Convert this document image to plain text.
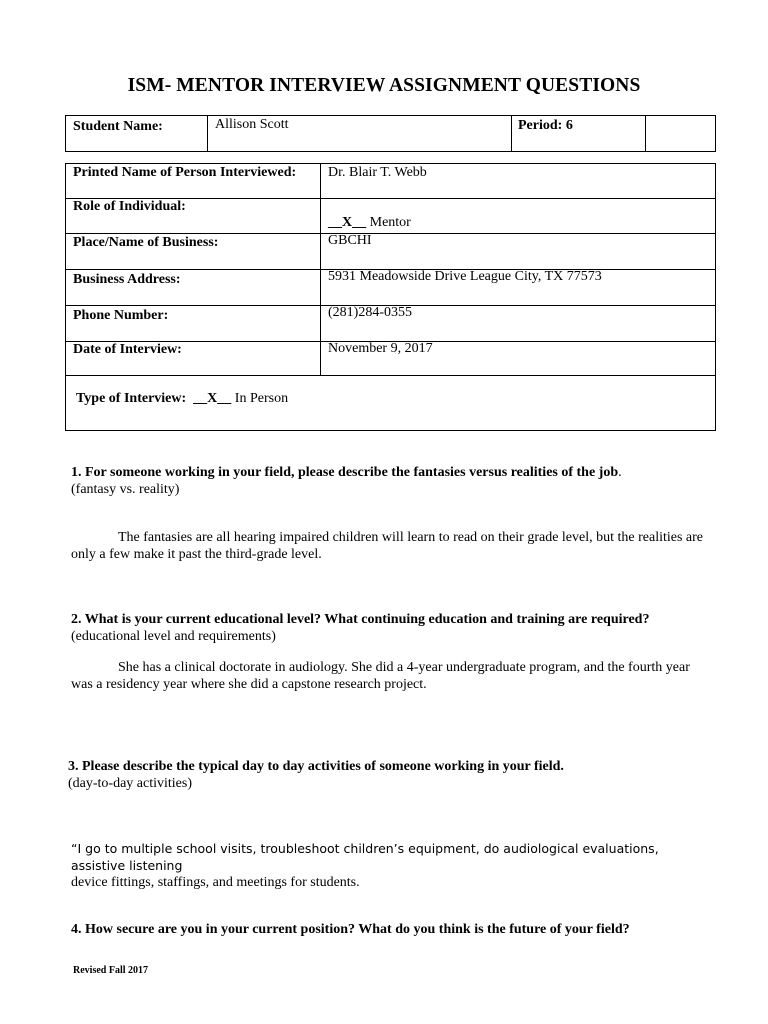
ISM- MENTOR INTERVIEW ASSIGNMENT QUESTIONS
Student Name:	Allison Scott	Period: 6
Printed Name of Person Interviewed: Dr. Blair T. Webb
Role of Individual:
__X__ Mentor
Place/Name of Business:	GBCHI
Business Address:	5931 Meadowside Drive League City, TX 77573
Phone Number:	(281)284-0355
Date of Interview:	November 9, 2017
Type of Interview: __X__ In Person
1. For someone working in your field, please describe the fantasies versus realities of the job.
(fantasy vs. reality)
The fantasies are all hearing impaired children will learn to read on their grade level, but the realities are
only a few make it past the third-grade level.
2. What is your current educational level? What continuing education and training are required?
(educational level and requirements)
She has a clinical doctorate in audiology. She did a 4-year undergraduate program, and the fourth year
was a residency year where she did a capstone research project.
3. Please describe the typical day to day activities of someone working in your field.
(day-to-day activities)
“I go to multiple school visits, troubleshoot children’s equipment, do audiological evaluations, assistive listening
device fittings, staffings, and meetings for students.
4. How secure are you in your current position? What do you think is the future of your field?
Revised Fall 2017
